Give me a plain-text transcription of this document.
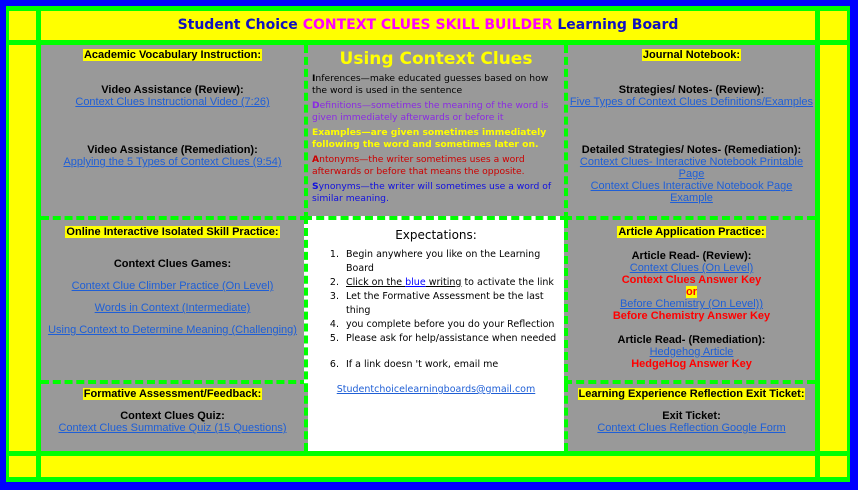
Student Choice CONTEXT CLUES SKILL BUILDER Learning Board
Academic Vocabulary Instruction:
Video Assistance (Review):
Context Clues Instructional Video (7:26)
Video Assistance (Remediation):
Applying the 5 Types of Context Clues (9:54)
Using Context Clues

Inferences—make educated guesses based on how the word is used in the sentence

Definitions—sometimes the meaning of the word is given immediately afterwards or before it

Examples—are given sometimes immediately following the word and sometimes later on.

Antonyms—the writer sometimes uses a word afterwards or before that means the opposite.

Synonyms—the writer will sometimes use a word of similar meaning.

Journal Notebook:
Strategies/ Notes- (Review):
Five Types of Context Clues Definitions/Examples
Detailed Strategies/ Notes- (Remediation):
Context Clues- Interactive Notebook Printable Page
Context Clues Interactive Notebook Page Example
Online Interactive Isolated Skill Practice:
Context Clues Games:
Context Clue Climber Practice (On Level)
Words in Context (Intermediate)
Using Context to Determine Meaning (Challenging)
Expectations:
1. Begin anywhere you like on the Learning Board
2. Click on the blue writing to activate the link
3. Let the Formative Assessment be the last thing
4. you complete before you do your Reflection
5. Please ask for help/assistance when needed
6. If a link doesn 't work, email me
Studentchoicelearningboards@gmail.com
Article Application Practice:
Article Read- (Review):
Context Clues (On Level)
Context Clues Answer Key
or
Before Chemistry (On Level))
Before Chemistry Answer Key
Article Read- (Remediation):
Hedgehog Article
HedgeHog Answer Key
Formative Assessment/Feedback:
Context Clues Quiz:
Context Clues Summative Quiz (15 Questions)
Learning Experience Reflection Exit Ticket:
Exit Ticket:
Context Clues Reflection Google Form
